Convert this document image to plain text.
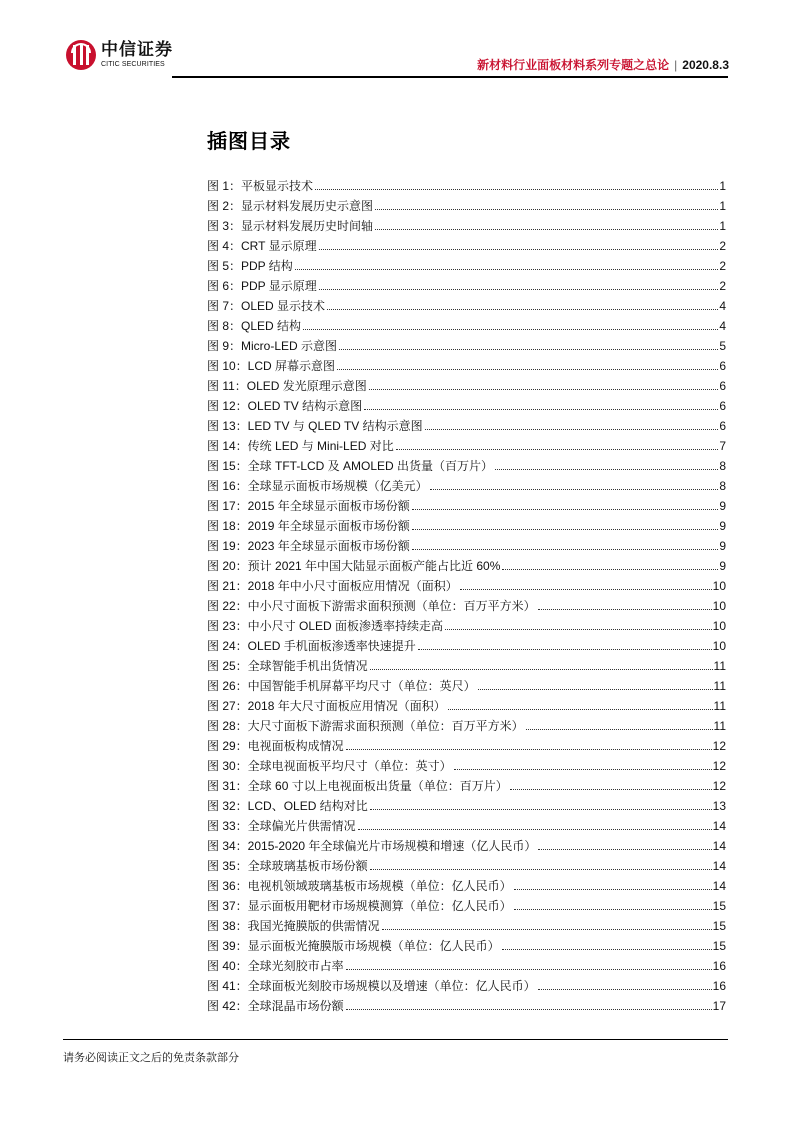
中信证券
CITIC SECURITIES	新材料行业面板材料系列专题之总论 | 2020.8.3
插图目录
图 1：平板显示技术	1
图 2：显示材料发展历史示意图	1
图 3：显示材料发展历史时间轴	1
图 4：CRT 显示原理	2
图 5：PDP 结构	2
图 6：PDP 显示原理	2
图 7：OLED 显示技术	4
图 8：QLED 结构	4
图 9：Micro-LED 示意图	5
图 10：LCD 屏幕示意图	6
图 11：OLED 发光原理示意图	6
图 12：OLED TV 结构示意图	6
图 13：LED TV 与 QLED TV 结构示意图	6
图 14：传统 LED 与 Mini-LED 对比	7
图 15：全球 TFT-LCD 及 AMOLED 出货量（百万片）	8
图 16：全球显示面板市场规模（亿美元）	8
图 17：2015 年全球显示面板市场份额	9
图 18：2019 年全球显示面板市场份额	9
图 19：2023 年全球显示面板市场份额	9
图 20：预计 2021 年中国大陆显示面板产能占比近 60%	9
图 21：2018 年中小尺寸面板应用情况（面积）	10
图 22：中小尺寸面板下游需求面积预测（单位：百万平方米）	10
图 23：中小尺寸 OLED 面板渗透率持续走高	10
图 24：OLED 手机面板渗透率快速提升	10
图 25：全球智能手机出货情况	11
图 26：中国智能手机屏幕平均尺寸（单位：英尺）	11
图 27：2018 年大尺寸面板应用情况（面积）	11
图 28：大尺寸面板下游需求面积预测（单位：百万平方米）	11
图 29：电视面板构成情况	12
图 30：全球电视面板平均尺寸（单位：英寸）	12
图 31：全球 60 寸以上电视面板出货量（单位：百万片）	12
图 32：LCD、OLED 结构对比	13
图 33：全球偏光片供需情况	14
图 34：2015-2020 年全球偏光片市场规模和增速（亿人民币）	14
图 35：全球玻璃基板市场份额	14
图 36：电视机领域玻璃基板市场规模（单位：亿人民币）	14
图 37：显示面板用靶材市场规模测算（单位：亿人民币）	15
图 38：我国光掩膜版的供需情况	15
图 39：显示面板光掩膜版市场规模（单位：亿人民币）	15
图 40：全球光刻胶市占率	16
图 41：全球面板光刻胶市场规模以及增速（单位：亿人民币）	16
图 42：全球混晶市场份额	17
请务必阅读正文之后的免责条款部分
